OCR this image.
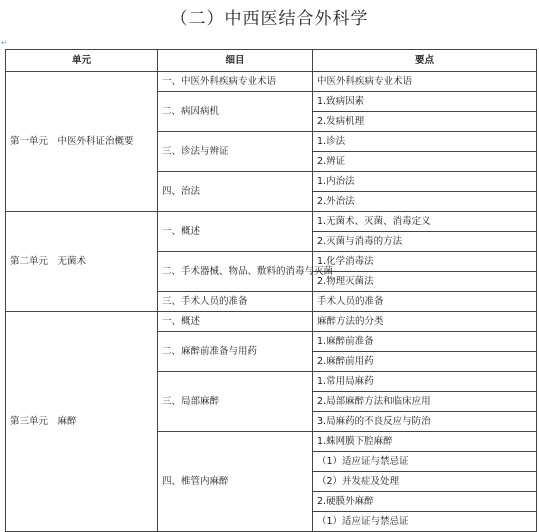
（二）中西医结合外科学
↵
单元	细目	要点
第一单元　中医外科证治概要	一、中医外科疾病专业术语	中医外科疾病专业术语
	二、病因病机	1.致病因素
		2.发病机理
	三、诊法与辨证	1.诊法
		2.辨证
	四、治法	1.内治法
		2.外治法
第二单元　无菌术	一、概述	1.无菌术、灭菌、消毒定义
		2.灭菌与消毒的方法
	二、手术器械、物品、敷料的消毒与灭菌	1.化学消毒法
		2.物理灭菌法
	三、手术人员的准备	手术人员的准备
第三单元　麻醉	一、概述	麻醉方法的分类
	二、麻醉前准备与用药	1.麻醉前准备
		2.麻醉前用药
	三、局部麻醉	1.常用局麻药
		2.局部麻醉方法和临床应用
		3.局麻药的不良反应与防治
	四、椎管内麻醉	1.蛛网膜下腔麻醉
		（1）适应证与禁忌证
		（2）并发症及处理
		2.硬膜外麻醉
		（1）适应证与禁忌证
